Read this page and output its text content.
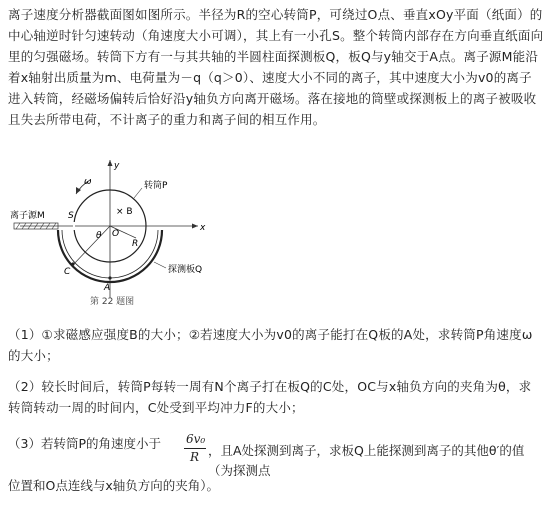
离子速度分析器截面图如图所示。半径为R的空心转筒P，可绕过O点、垂直xOy平面（纸面）的中心轴逆时针匀速转动（角速度大小可调），其上有一小孔S。整个转筒内部存在方向垂直纸面向里的匀强磁场。转筒下方有一与其共轴的半圆柱面探测板Q，板Q与y轴交于A点。离子源M能沿着x轴射出质量为m、电荷量为－q（q＞0）、速度大小不同的离子，其中速度大小为v0的离子进入转筒，经磁场偏转后恰好沿y轴负方向离开磁场。落在接地的筒壁或探测板上的离子被吸收且失去所带电荷，不计离子的重力和离子间的相互作用。
离子源M
转筒P
探测板Q
ω
× B
x
y
O
θ
R
S
A
C
第 22 题图
（1）①求磁感应强度B的大小；②若速度大小为v0的离子能打在Q板的A处，求转筒P角速度ω的大小；
（2）较长时间后，转筒P每转一周有N个离子打在板Q的C处，OC与x轴负方向的夹角为θ，求转筒转动一周的时间内，C处受到平均冲力F的大小；
（3）若转筒P的角速度小于 6v₀
R ，且A处探测到离子，求板Q上能探测到离子的其他θ′的值（为探测点
位置和O点连线与x轴负方向的夹角）。
